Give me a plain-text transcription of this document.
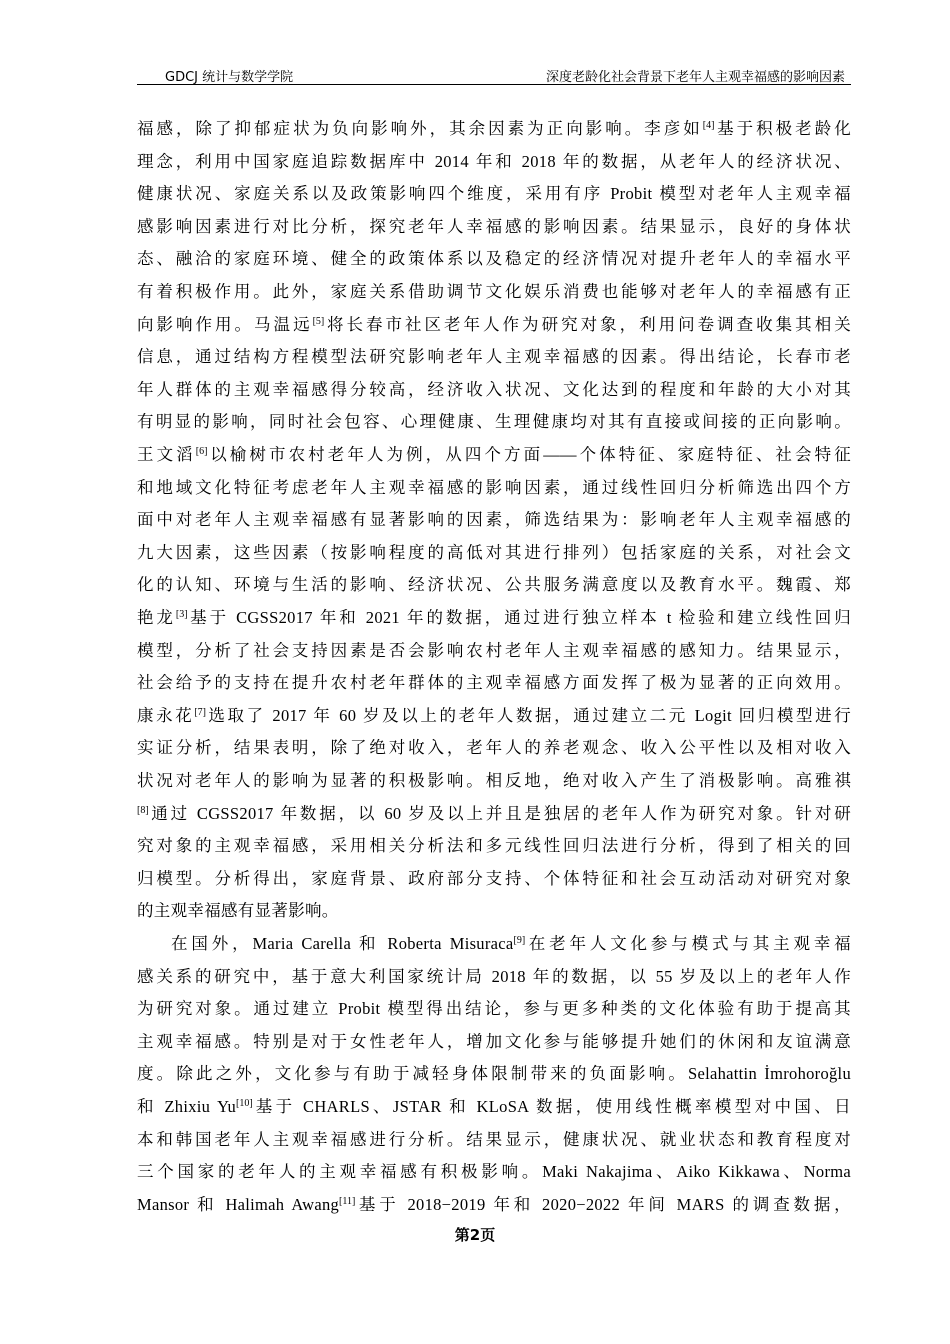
GDCJ 统计与数学学院	深度老龄化社会背景下老年人主观幸福感的影响因素
福感，除了抑郁症状为负向影响外，其余因素为正向影响。李彦如[4]基于积极老龄化
理念，利用中国家庭追踪数据库中 2014 年和 2018 年的数据，从老年人的经济状况、
健康状况、家庭关系以及政策影响四个维度，采用有序 Probit 模型对老年人主观幸福
感影响因素进行对比分析，探究老年人幸福感的影响因素。结果显示，良好的身体状
态、融洽的家庭环境、健全的政策体系以及稳定的经济情况对提升老年人的幸福水平
有着积极作用。此外，家庭关系借助调节文化娱乐消费也能够对老年人的幸福感有正
向影响作用。马温远[5]将长春市社区老年人作为研究对象，利用问卷调查收集其相关
信息，通过结构方程模型法研究影响老年人主观幸福感的因素。得出结论，长春市老
年人群体的主观幸福感得分较高，经济收入状况、文化达到的程度和年龄的大小对其
有明显的影响，同时社会包容、心理健康、生理健康均对其有直接或间接的正向影响。
王文滔[6]以榆树市农村老年人为例，从四个方面——个体特征、家庭特征、社会特征
和地域文化特征考虑老年人主观幸福感的影响因素，通过线性回归分析筛选出四个方
面中对老年人主观幸福感有显著影响的因素，筛选结果为：影响老年人主观幸福感的
九大因素，这些因素（按影响程度的高低对其进行排列）包括家庭的关系，对社会文
化的认知、环境与生活的影响、经济状况、公共服务满意度以及教育水平。魏霞、郑
艳龙[3]基于 CGSS2017 年和 2021 年的数据，通过进行独立样本 t 检验和建立线性回归
模型，分析了社会支持因素是否会影响农村老年人主观幸福感的感知力。结果显示，
社会给予的支持在提升农村老年群体的主观幸福感方面发挥了极为显著的正向效用。
康永花[7]选取了 2017 年 60 岁及以上的老年人数据，通过建立二元 Logit 回归模型进行
实证分析，结果表明，除了绝对收入，老年人的养老观念、收入公平性以及相对收入
状况对老年人的影响为显著的积极影响。相反地，绝对收入产生了消极影响。高雅祺
[8]通过 CGSS2017 年数据，以 60 岁及以上并且是独居的老年人作为研究对象。针对研
究对象的主观幸福感，采用相关分析法和多元线性回归法进行分析，得到了相关的回
归模型。分析得出，家庭背景、政府部分支持、个体特征和社会互动活动对研究对象
的主观幸福感有显著影响。
在国外，Maria Carella 和 Roberta Misuraca[9]在老年人文化参与模式与其主观幸福
感关系的研究中，基于意大利国家统计局 2018 年的数据，以 55 岁及以上的老年人作
为研究对象。通过建立 Probit 模型得出结论，参与更多种类的文化体验有助于提高其
主观幸福感。特别是对于女性老年人，增加文化参与能够提升她们的休闲和友谊满意
度。除此之外，文化参与有助于减轻身体限制带来的负面影响。Selahattin İmrohoroğlu
和 Zhixiu Yu[10]基于 CHARLS、JSTAR 和 KLoSA 数据，使用线性概率模型对中国、日
本和韩国老年人主观幸福感进行分析。结果显示，健康状况、就业状态和教育程度对
三个国家的老年人的主观幸福感有积极影响。Maki Nakajima、Aiko Kikkawa、Norma
Mansor 和 Halimah Awang[11]基于 2018−2019 年和 2020−2022 年间 MARS 的调查数据，
第2页
